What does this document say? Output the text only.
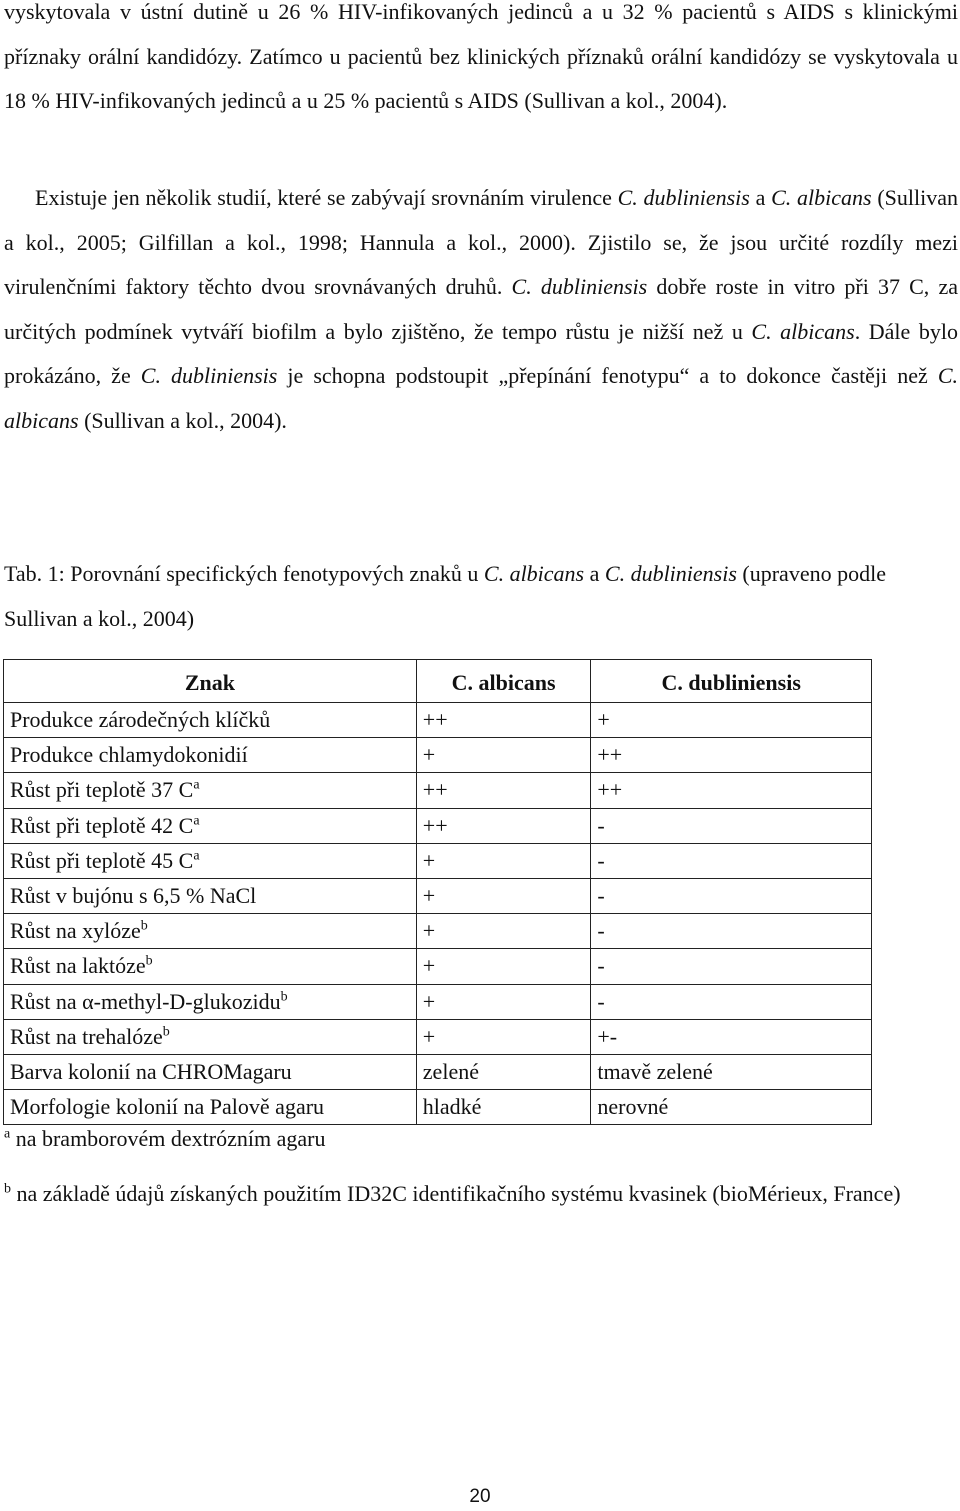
vyskytovala v ústní dutině u 26 % HIV-infikovaných jedinců a u 32 % pacientů s AIDS s klinickými příznaky orální kandidózy. Zatímco u pacientů bez klinických příznaků orální kandidózy se vyskytovala u 18 % HIV-infikovaných jedinců a u 25 % pacientů s AIDS (Sullivan a kol., 2004).

Existuje jen několik studií, které se zabývají srovnáním virulence C. dubliniensis a C. albicans (Sullivan a kol., 2005; Gilfillan a kol., 1998; Hannula a kol., 2000). Zjistilo se, že jsou určité rozdíly mezi virulenčními faktory těchto dvou srovnávaných druhů. C. dubliniensis dobře roste in vitro při 37 C, za určitých podmínek vytváří biofilm a bylo zjištěno, že tempo růstu je nižší než u C. albicans. Dále bylo prokázáno, že C. dubliniensis je schopna podstoupit „přepínání fenotypu“ a to dokonce častěji než C. albicans (Sullivan a kol., 2004).

Tab. 1: Porovnání specifických fenotypových znaků u C. albicans a C. dubliniensis (upraveno podle Sullivan a kol., 2004)

Znak	C. albicans	C. dubliniensis
Produkce zárodečných klíčků	++	+
Produkce chlamydokonidií	+	++
Růst při teplotě 37 $C^a$	++	++
Růst při teplotě 42 $C^a$	++	-
Růst při teplotě 45 $C^a$	+	-
Růst v bujónu s 6,5 % NaCl	+	-
Růst na xylóze$^b$	+	-
Růst na laktóze$^b$	+	-
Růst na α-methyl-D-glukozidu$^b$	+	-
Růst na trehalóze$^b$	+	+-
Barva kolonií na CHROMagaru	zelené	tmavě zelené
Morfologie kolonií na Palově agaru	hladké	nerovné

$^a$ na bramborovém dextrózním agaru

$^b$ na základě údajů získaných použitím ID32C identifikačního systému kvasinek (bioMérieux, France)

20
